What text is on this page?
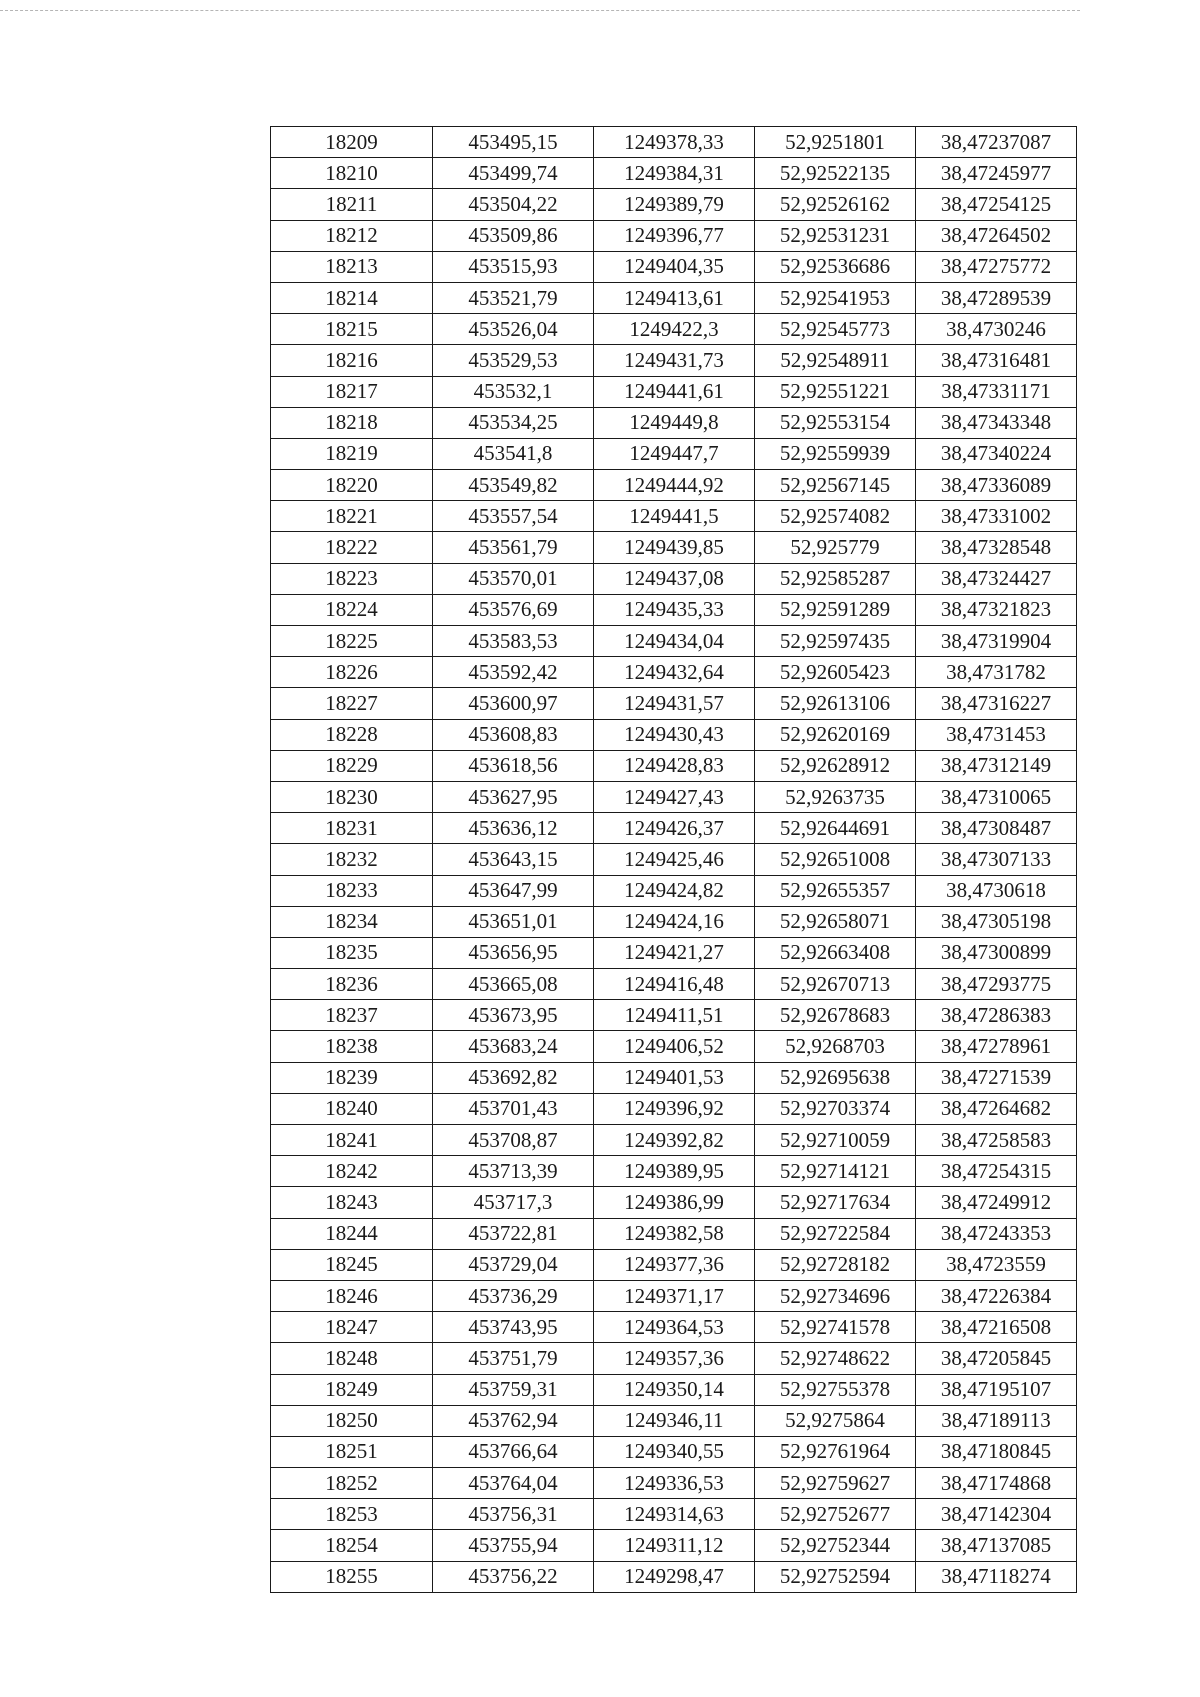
18209	453495,15	1249378,33	52,9251801	38,47237087
18210	453499,74	1249384,31	52,92522135	38,47245977
18211	453504,22	1249389,79	52,92526162	38,47254125
18212	453509,86	1249396,77	52,92531231	38,47264502
18213	453515,93	1249404,35	52,92536686	38,47275772
18214	453521,79	1249413,61	52,92541953	38,47289539
18215	453526,04	1249422,3	52,92545773	38,4730246
18216	453529,53	1249431,73	52,92548911	38,47316481
18217	453532,1	1249441,61	52,92551221	38,47331171
18218	453534,25	1249449,8	52,92553154	38,47343348
18219	453541,8	1249447,7	52,92559939	38,47340224
18220	453549,82	1249444,92	52,92567145	38,47336089
18221	453557,54	1249441,5	52,92574082	38,47331002
18222	453561,79	1249439,85	52,925779	38,47328548
18223	453570,01	1249437,08	52,92585287	38,47324427
18224	453576,69	1249435,33	52,92591289	38,47321823
18225	453583,53	1249434,04	52,92597435	38,47319904
18226	453592,42	1249432,64	52,92605423	38,4731782
18227	453600,97	1249431,57	52,92613106	38,47316227
18228	453608,83	1249430,43	52,92620169	38,4731453
18229	453618,56	1249428,83	52,92628912	38,47312149
18230	453627,95	1249427,43	52,9263735	38,47310065
18231	453636,12	1249426,37	52,92644691	38,47308487
18232	453643,15	1249425,46	52,92651008	38,47307133
18233	453647,99	1249424,82	52,92655357	38,4730618
18234	453651,01	1249424,16	52,92658071	38,47305198
18235	453656,95	1249421,27	52,92663408	38,47300899
18236	453665,08	1249416,48	52,92670713	38,47293775
18237	453673,95	1249411,51	52,92678683	38,47286383
18238	453683,24	1249406,52	52,9268703	38,47278961
18239	453692,82	1249401,53	52,92695638	38,47271539
18240	453701,43	1249396,92	52,92703374	38,47264682
18241	453708,87	1249392,82	52,92710059	38,47258583
18242	453713,39	1249389,95	52,92714121	38,47254315
18243	453717,3	1249386,99	52,92717634	38,47249912
18244	453722,81	1249382,58	52,92722584	38,47243353
18245	453729,04	1249377,36	52,92728182	38,4723559
18246	453736,29	1249371,17	52,92734696	38,47226384
18247	453743,95	1249364,53	52,92741578	38,47216508
18248	453751,79	1249357,36	52,92748622	38,47205845
18249	453759,31	1249350,14	52,92755378	38,47195107
18250	453762,94	1249346,11	52,9275864	38,47189113
18251	453766,64	1249340,55	52,92761964	38,47180845
18252	453764,04	1249336,53	52,92759627	38,47174868
18253	453756,31	1249314,63	52,92752677	38,47142304
18254	453755,94	1249311,12	52,92752344	38,47137085
18255	453756,22	1249298,47	52,92752594	38,47118274
